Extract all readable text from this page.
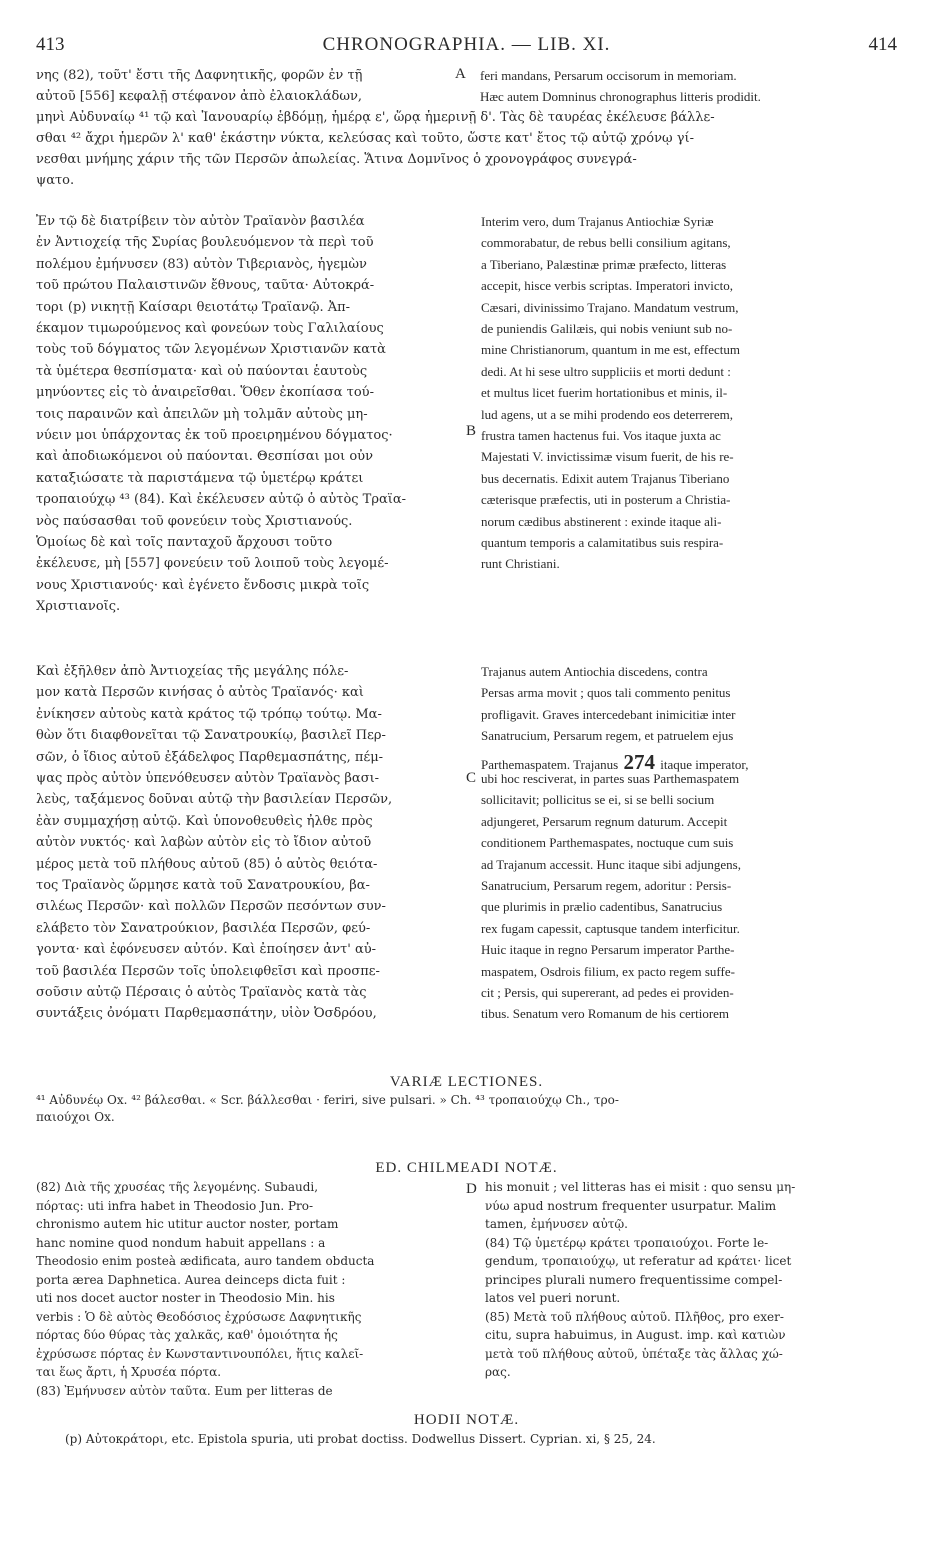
413	CHRONOGRAPHIA. — LIB. XI.	414
A
B
C
D
VARIÆ LECTIONES.
⁴¹ Αὐδυνέῳ Ox. ⁴² βάλεσθαι. « Scr. βάλλεσθαι · feriri, sive pulsari. » Ch. ⁴³ τροπαιούχῳ Ch., τρο-
παιούχοι Ox.
ED. CHILMEADI NOTÆ.
HODII NOTÆ.
(p) Αὐτοκράτορι, etc. Epistola spuria, uti probat doctiss. Dodwellus Dissert. Cyprian. xi, § 25, 24.
νης (82), τοῦτ' ἔστι τῆς Δαφνητικῆς, φορῶν ἐν τῇ
αὐτοῦ [556] κεφαλῇ στέφανον ἀπὸ ἐλαιοκλάδων,
μηνὶ Αὐδυναίῳ ⁴¹ τῷ καὶ Ἰανουαρίῳ ἑβδόμῃ, ἡμέρᾳ ε', ὥρᾳ ἡμερινῇ δ'. Τὰς δὲ ταυρέας ἐκέλευσε βάλλε-
σθαι ⁴² ἄχρι ἡμερῶν λ' καθ' ἑκάστην νύκτα, κελεύσας καὶ τοῦτο, ὥστε κατ' ἔτος τῷ αὐτῷ χρόνῳ γί-
νεσθαι μνήμης χάριν τῆς τῶν Περσῶν ἀπωλείας. Ἅτινα Δομνῖνος ὁ χρονογράφος συνεγρά-
ψατο.
feri mandans, Persarum occisorum in memoriam.
Hæc autem Domninus chronographus litteris prodidit.
Ἐν τῷ δὲ διατρίβειν τὸν αὐτὸν Τραϊανὸν βασιλέα
ἐν Ἀντιοχείᾳ τῆς Συρίας βουλευόμενον τὰ περὶ τοῦ
πολέμου ἐμήνυσεν (83) αὐτὸν Τιβεριανὸς, ἡγεμὼν
τοῦ πρώτου Παλαιστινῶν ἔθνους, ταῦτα· Αὐτοκρά-
τορι (p) νικητῇ Καίσαρι θειοτάτῳ Τραϊανῷ. Ἀπ-
έκαμον τιμωρούμενος καὶ φονεύων τοὺς Γαλιλαίους
τοὺς τοῦ δόγματος τῶν λεγομένων Χριστιανῶν κατὰ
τὰ ὑμέτερα θεσπίσματα· καὶ οὐ παύονται ἑαυτοὺς
μηνύοντες εἰς τὸ ἀναιρεῖσθαι. Ὅθεν ἐκοπίασα τού-
τοις παραινῶν καὶ ἀπειλῶν μὴ τολμᾶν αὐτοὺς μη-
νύειν μοι ὑπάρχοντας ἐκ τοῦ προειρημένου δόγματος·
καὶ ἀποδιωκόμενοι οὐ παύονται. Θεσπίσαι μοι οὖν
καταξιώσατε τὰ παριστάμενα τῷ ὑμετέρῳ κράτει
τροπαιούχῳ ⁴³ (84). Καὶ ἐκέλευσεν αὐτῷ ὁ αὐτὸς Τραϊα-
νὸς παύσασθαι τοῦ φονεύειν τοὺς Χριστιανούς.
Ὁμοίως δὲ καὶ τοῖς πανταχοῦ ἄρχουσι τοῦτο
ἐκέλευσε, μὴ [557] φονεύειν τοῦ λοιποῦ τοὺς λεγομέ-
νους Χριστιανούς· καὶ ἐγένετο ἔνδοσις μικρὰ τοῖς
Χριστιανοῖς.
Interim vero, dum Trajanus Antiochiæ Syriæ
commorabatur, de rebus belli consilium agitans,
a Tiberiano, Palæstinæ primæ præfecto, litteras
accepit, hisce verbis scriptas. Imperatori invicto,
Cæsari, divinissimo Trajano. Mandatum vestrum,
de puniendis Galilæis, qui nobis veniunt sub no-
mine Christianorum, quantum in me est, effectum
dedi. At hi sese ultro suppliciis et morti dedunt :
et multus licet fuerim hortationibus et minis, il-
lud agens, ut a se mihi prodendo eos deterrerem,
frustra tamen hactenus fui. Vos itaque juxta ac
Majestati V. invictissimæ visum fuerit, de his re-
bus decernatis. Edixit autem Trajanus Tiberiano
cæterisque præfectis, uti in posterum a Christia-
norum cædibus abstinerent : exinde itaque ali-
quantum temporis a calamitatibus suis respira-
runt Christiani.
Καὶ ἐξῆλθεν ἀπὸ Ἀντιοχείας τῆς μεγάλης πόλε-
μον κατὰ Περσῶν κινήσας ὁ αὐτὸς Τραϊανός· καὶ
ἐνίκησεν αὐτοὺς κατὰ κράτος τῷ τρόπῳ τούτῳ. Μα-
θὼν ὅτι διαφθονεῖται τῷ Σανατρουκίῳ, βασιλεῖ Περ-
σῶν, ὁ ἴδιος αὐτοῦ ἐξάδελφος Παρθεμασπάτης, πέμ-
ψας πρὸς αὐτὸν ὑπενόθευσεν αὐτὸν Τραϊανὸς βασι-
λεὺς, ταξάμενος δοῦναι αὐτῷ τὴν βασιλείαν Περσῶν,
ἐὰν συμμαχήσῃ αὐτῷ. Καὶ ὑπονοθευθεὶς ἦλθε πρὸς
αὐτὸν νυκτός· καὶ λαβὼν αὐτὸν εἰς τὸ ἴδιον αὐτοῦ
μέρος μετὰ τοῦ πλήθους αὐτοῦ (85) ὁ αὐτὸς θειότα-
τος Τραϊανὸς ὥρμησε κατὰ τοῦ Σανατρουκίου, βα-
σιλέως Περσῶν· καὶ πολλῶν Περσῶν πεσόντων συν-
ελάβετο τὸν Σανατρούκιον, βασιλέα Περσῶν, φεύ-
γοντα· καὶ ἐφόνευσεν αὐτόν. Καὶ ἐποίησεν ἀντ' αὐ-
τοῦ βασιλέα Περσῶν τοῖς ὑπολειφθεῖσι καὶ προσπε-
σοῦσιν αὐτῷ Πέρσαις ὁ αὐτὸς Τραϊανὸς κατὰ τὰς
συντάξεις ὀνόματι Παρθεμασπάτην, υἱὸν Ὀσδρόου,
Trajanus autem Antiochia discedens, contra
Persas arma movit ; quos tali commento penitus
profligavit. Graves intercedebant inimicitiæ inter
Sanatrucium, Persarum regem, et patruelem ejus
Parthemaspatem. Trajanus 274 itaque imperator,
ubi hoc resciverat, in partes suas Parthemaspatem
sollicitavit; pollicitus se ei, si se belli socium
adjungeret, Persarum regnum daturum. Accepit
conditionem Parthemaspates, noctuque cum suis
ad Trajanum accessit. Hunc itaque sibi adjungens,
Sanatrucium, Persarum regem, adoritur : Persis-
que plurimis in prælio cadentibus, Sanatrucius
rex fugam capessit, captusque tandem interficitur.
Huic itaque in regno Persarum imperator Parthe-
maspatem, Osdrois filium, ex pacto regem suffe-
cit ; Persis, qui supererant, ad pedes ei providen-
tibus. Senatum vero Romanum de his certiorem
(82) Διὰ τῆς χρυσέας τῆς λεγομένης. Subaudi,
πόρτας: uti infra habet in Theodosio Jun. Pro-
chronismo autem hic utitur auctor noster, portam
hanc nomine quod nondum habuit appellans : a
Theodosio enim posteà ædificata, auro tandem obducta
porta ærea Daphnetica. Aurea deinceps dicta fuit :
uti nos docet auctor noster in Theodosio Min. his
verbis : Ὁ δὲ αὐτὸς Θεοδόσιος ἐχρύσωσε Δαφνητικῆς
πόρτας δύο θύρας τὰς χαλκᾶς, καθ' ὁμοιότητα ἧς
ἐχρύσωσε πόρτας ἐν Κωνσταντινουπόλει, ἥτις καλεῖ-
ται ἕως ἄρτι, ἡ Χρυσέα πόρτα.
(83) Ἐμήνυσεν αὐτὸν ταῦτα. Eum per litteras de
his monuit ; vel litteras has ei misit : quo sensu μη-
νύω apud nostrum frequenter usurpatur. Malim
tamen, ἐμήνυσεν αὐτῷ.
(84) Τῷ ὑμετέρῳ κράτει τροπαιούχοι. Forte le-
gendum, τροπαιούχῳ, ut referatur ad κράτει· licet
principes plurali numero frequentissime compel-
latos vel pueri norunt.
(85) Μετὰ τοῦ πλήθους αὐτοῦ. Πλῆθος, pro exer-
citu, supra habuimus, in August. imp. καὶ κατιὼν
μετὰ τοῦ πλήθους αὐτοῦ, ὑπέταξε τὰς ἄλλας χώ-
ρας.
